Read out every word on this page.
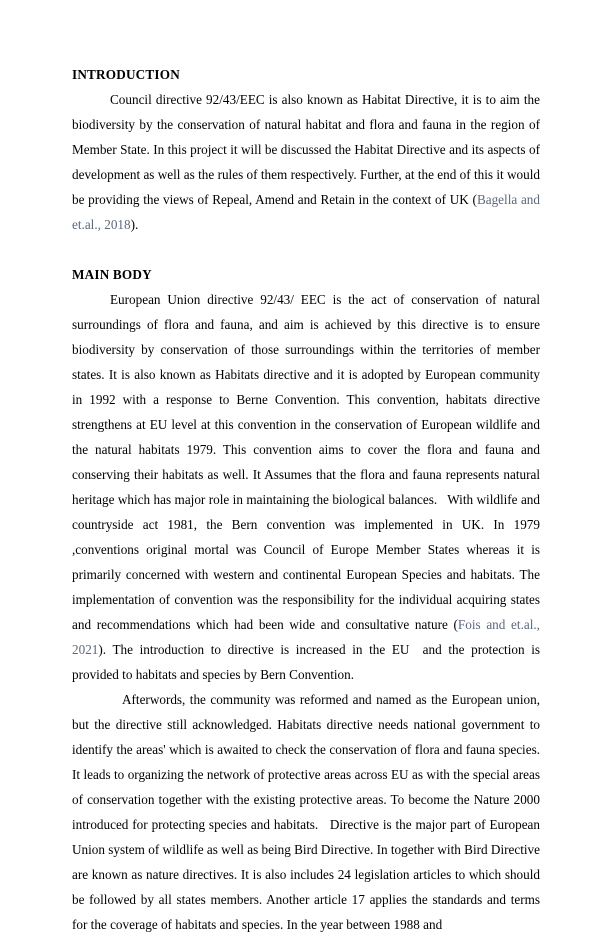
INTRODUCTION

Council directive 92/43/EEC is also known as Habitat Directive, it is to aim the biodiversity by the conservation of natural habitat and flora and fauna in the region of Member State. In this project it will be discussed the Habitat Directive and its aspects of development as well as the rules of them respectively. Further, at the end of this it would be providing the views of Repeal, Amend and Retain in the context of UK (Bagella and et.al., 2018).

MAIN BODY

European Union directive 92/43/ EEC is the act of conservation of natural surroundings of flora and fauna, and aim is achieved by this directive is to ensure biodiversity by conservation of those surroundings within the territories of member states. It is also known as Habitats directive and it is adopted by European community in 1992 with a response to Berne Convention. This convention, habitats directive strengthens at EU level at this convention in the conservation of European wildlife and the natural habitats 1979. This convention aims to cover the flora and fauna and conserving their habitats as well. It Assumes that the flora and fauna represents natural heritage which has major role in maintaining the biological balances.   With wildlife and countryside act 1981, the Bern convention was implemented in UK. In 1979 ,conventions original mortal was Council of Europe Member States whereas it is primarily concerned with western and continental European Species and habitats. The implementation of convention was the responsibility for the individual acquiring states and recommendations which had been wide and consultative nature (Fois and et.al., 2021). The introduction to directive is increased in the EU  and the protection is provided to habitats and species by Bern Convention.

Afterwords, the community was reformed and named as the European union, but the directive still acknowledged. Habitats directive needs national government to identify the areas' which is awaited to check the conservation of flora and fauna species. It leads to organizing the network of protective areas across EU as with the special areas of conservation together with the existing protective areas. To become the Nature 2000 introduced for protecting species and habitats.   Directive is the major part of European Union system of wildlife as well as being Bird Directive. In together with Bird Directive are known as nature directives. It is also includes 24 legislation articles to which should be followed by all states members. Another article 17 applies the standards and terms for the coverage of habitats and species. In the year between 1988 and
